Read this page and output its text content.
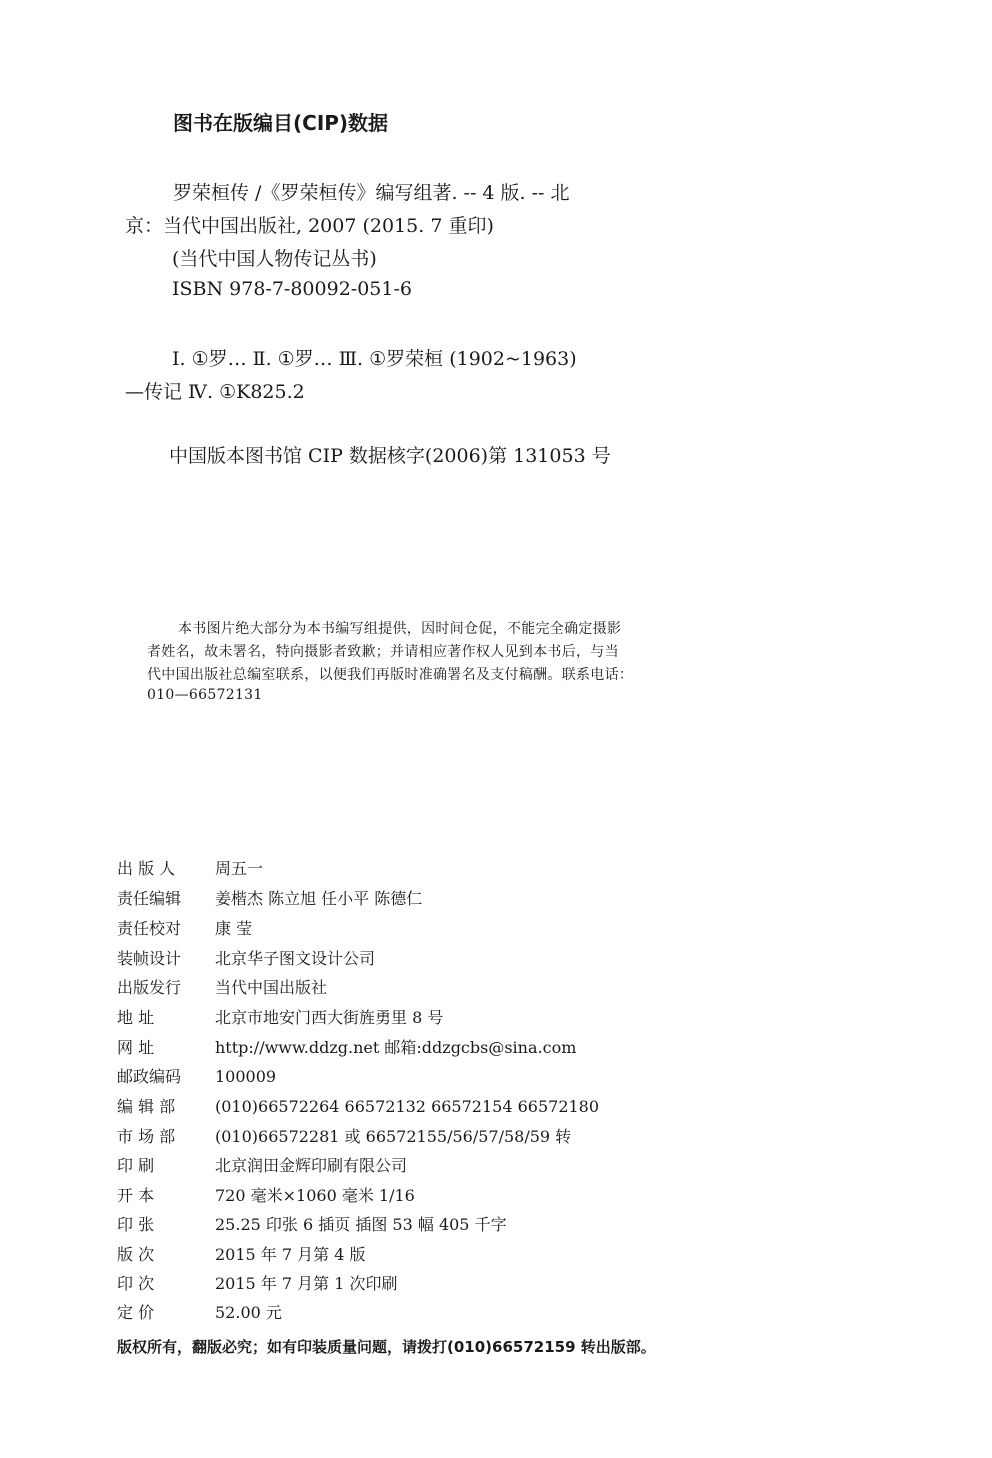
图书在版编目(CIP)数据
罗荣桓传 /《罗荣桓传》编写组著. -- 4 版. -- 北
京：当代中国出版社, 2007 (2015. 7 重印)
(当代中国人物传记丛书)
ISBN 978-7-80092-051-6
Ⅰ. ①罗… Ⅱ. ①罗… Ⅲ. ①罗荣桓 (1902~1963)
—传记 Ⅳ. ①K825.2
中国版本图书馆 CIP 数据核字(2006)第 131053 号
本书图片绝大部分为本书编写组提供，因时间仓促，不能完全确定摄影
者姓名，故未署名，特向摄影者致歉；并请相应著作权人见到本书后，与当
代中国出版社总编室联系，以便我们再版时准确署名及支付稿酬。联系电话：
010—66572131
出 版 人 周五一
责任编辑 姜楷杰 陈立旭 任小平 陈德仁
责任校对 康 莹
装帧设计 北京华子图文设计公司
出版发行 当代中国出版社
地 址	北京市地安门西大街旌勇里 8 号
网 址	http://www.ddzg.net 邮箱:ddzgcbs@sina.com
邮政编码 100009
编 辑 部 (010)66572264 66572132 66572154 66572180
市 场 部 (010)66572281 或 66572155/56/57/58/59 转
印 刷	北京润田金辉印刷有限公司
开 本	720 毫米×1060 毫米 1/16
印 张	25.25 印张 6 插页 插图 53 幅 405 千字
版 次	2015 年 7 月第 4 版
印 次	2015 年 7 月第 1 次印刷
定 价	52.00 元
版权所有，翻版必究；如有印装质量问题，请拨打(010)66572159 转出版部。
